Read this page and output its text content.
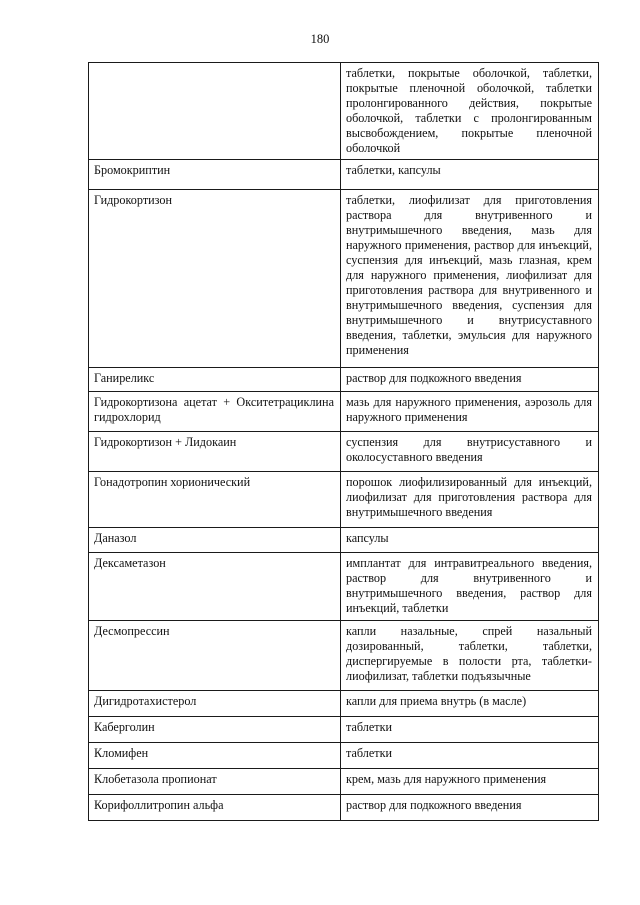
180
	таблетки, покрытые оболочкой, таблетки, покрытые пленочной оболочкой, таблетки пролонгированного действия, покрытые оболочкой, таблетки с пролонгированным высвобождением, покрытые пленочной оболочкой
Бромокриптин	таблетки, капсулы
Гидрокортизон	таблетки, лиофилизат для приготовления раствора для внутривенного и внутримышечного введения, мазь для наружного применения, раствор для инъекций, суспензия для инъекций, мазь глазная, крем для наружного применения, лиофилизат для приготовления раствора для внутривенного и внутримышечного введения, суспензия для внутримышечного и внутрисуставного введения, таблетки, эмульсия для наружного применения
Ганиреликс	раствор для подкожного введения
Гидрокортизона ацетат + Окситетрациклина гидрохлорид	мазь для наружного применения, аэрозоль для наружного применения
Гидрокортизон + Лидокаин	суспензия для внутрисуставного и околосуставного введения
Гонадотропин хорионический	порошок лиофилизированный для инъекций, лиофилизат для приготовления раствора для внутримышечного введения
Даназол	капсулы
Дексаметазон	имплантат для интравитреального введения, раствор для внутривенного и внутримышечного введения, раствор для инъекций, таблетки
Десмопрессин	капли назальные, спрей назальный дозированный, таблетки, таблетки, диспергируемые в полости рта, таблетки-лиофилизат, таблетки подъязычные
Дигидротахистерол	капли для приема внутрь (в масле)
Каберголин	таблетки
Кломифен	таблетки
Клобетазола пропионат	крем, мазь для наружного применения
Корифоллитропин альфа	раствор для подкожного введения
